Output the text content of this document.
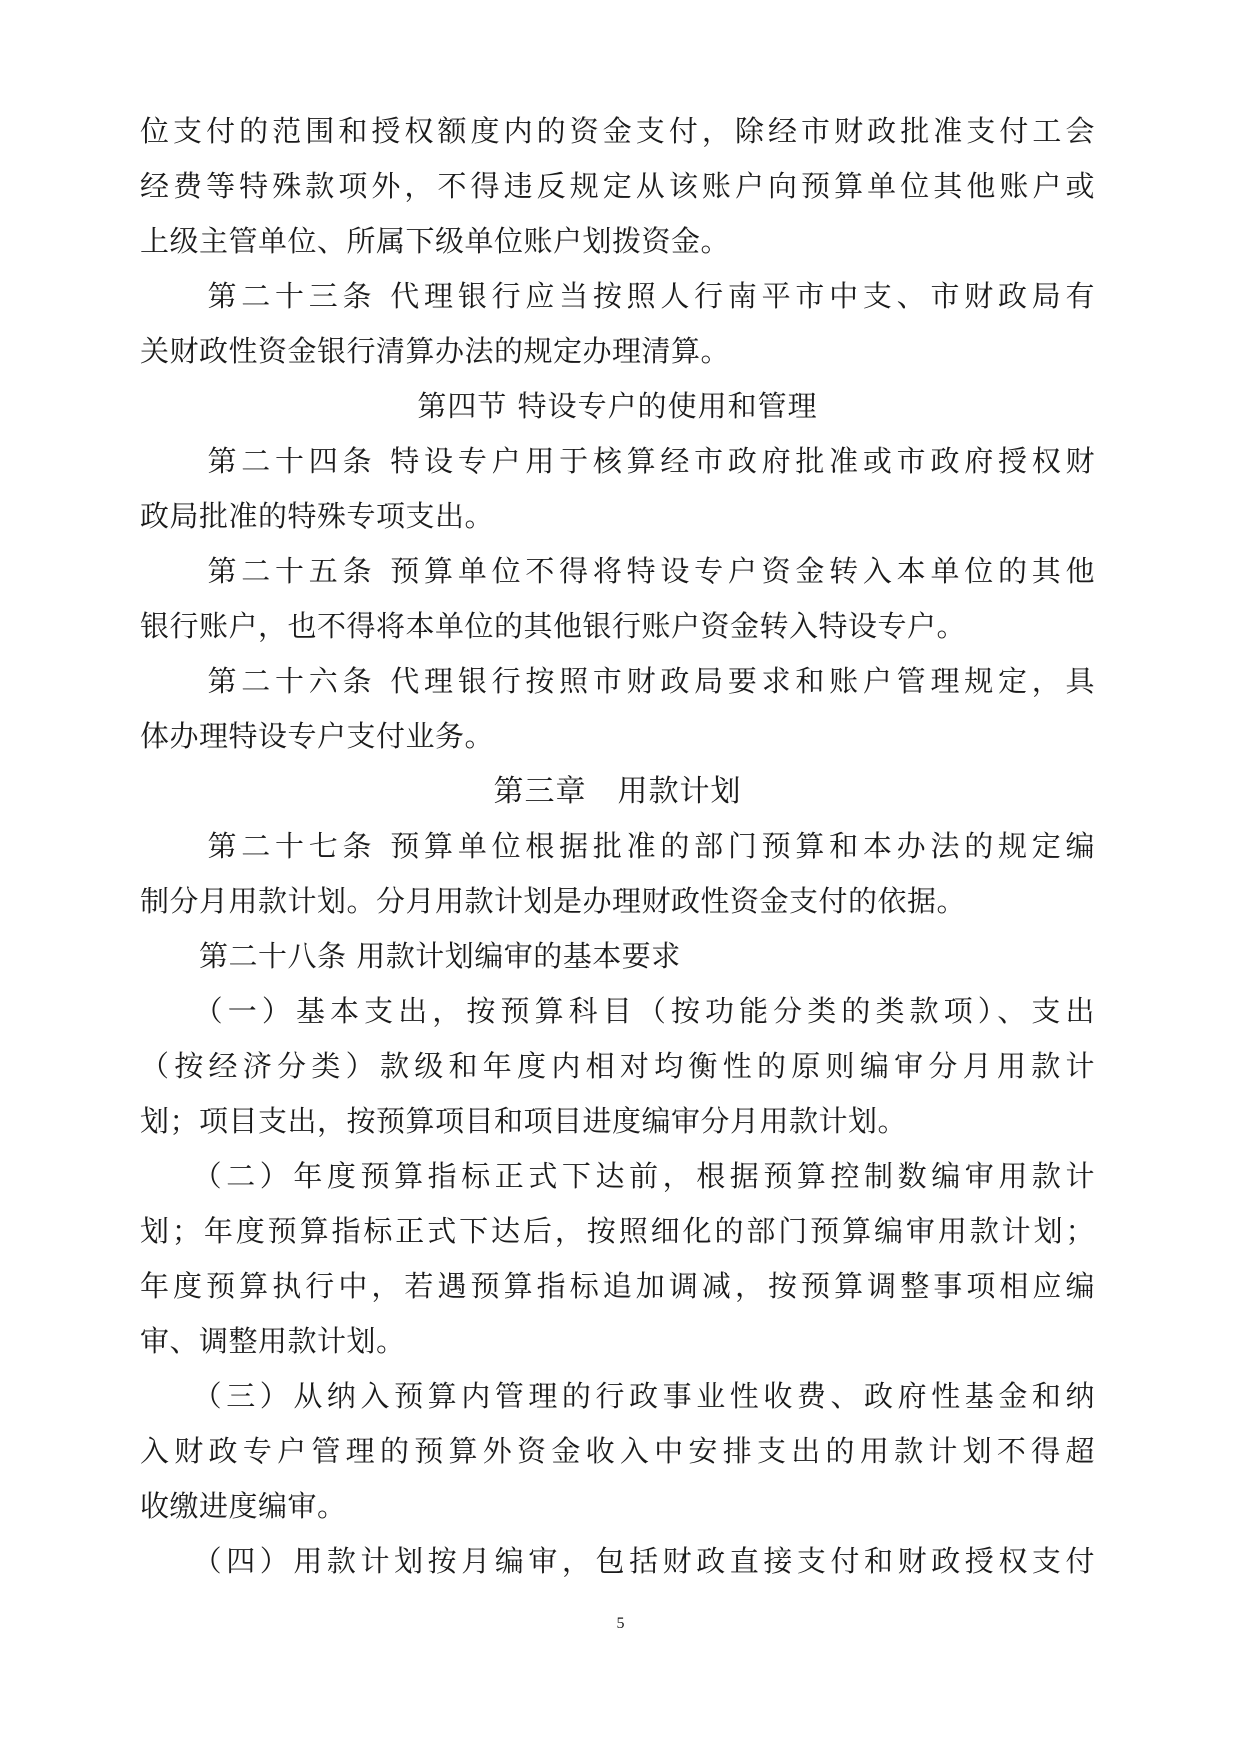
位支付的范围和授权额度内的资金支付，除经市财政批准支付工会
经费等特殊款项外，不得违反规定从该账户向预算单位其他账户或
上级主管单位、所属下级单位账户划拨资金。
　　第二十三条 代理银行应当按照人行南平市中支、市财政局有
关财政性资金银行清算办法的规定办理清算。
第四节 特设专户的使用和管理
　　第二十四条 特设专户用于核算经市政府批准或市政府授权财
政局批准的特殊专项支出。
　　第二十五条 预算单位不得将特设专户资金转入本单位的其他
银行账户，也不得将本单位的其他银行账户资金转入特设专户。
　　第二十六条 代理银行按照市财政局要求和账户管理规定，具
体办理特设专户支付业务。
第三章　用款计划
　　第二十七条 预算单位根据批准的部门预算和本办法的规定编
制分月用款计划。分月用款计划是办理财政性资金支付的依据。
　　第二十八条 用款计划编审的基本要求
　　（一）基本支出，按预算科目（按功能分类的类款项）、支出
（按经济分类）款级和年度内相对均衡性的原则编审分月用款计
划；项目支出，按预算项目和项目进度编审分月用款计划。
　　（二）年度预算指标正式下达前，根据预算控制数编审用款计
划；年度预算指标正式下达后，按照细化的部门预算编审用款计划；
年度预算执行中，若遇预算指标追加调减，按预算调整事项相应编
审、调整用款计划。
　　（三）从纳入预算内管理的行政事业性收费、政府性基金和纳
入财政专户管理的预算外资金收入中安排支出的用款计划不得超
收缴进度编审。
　　（四）用款计划按月编审，包括财政直接支付和财政授权支付
5
